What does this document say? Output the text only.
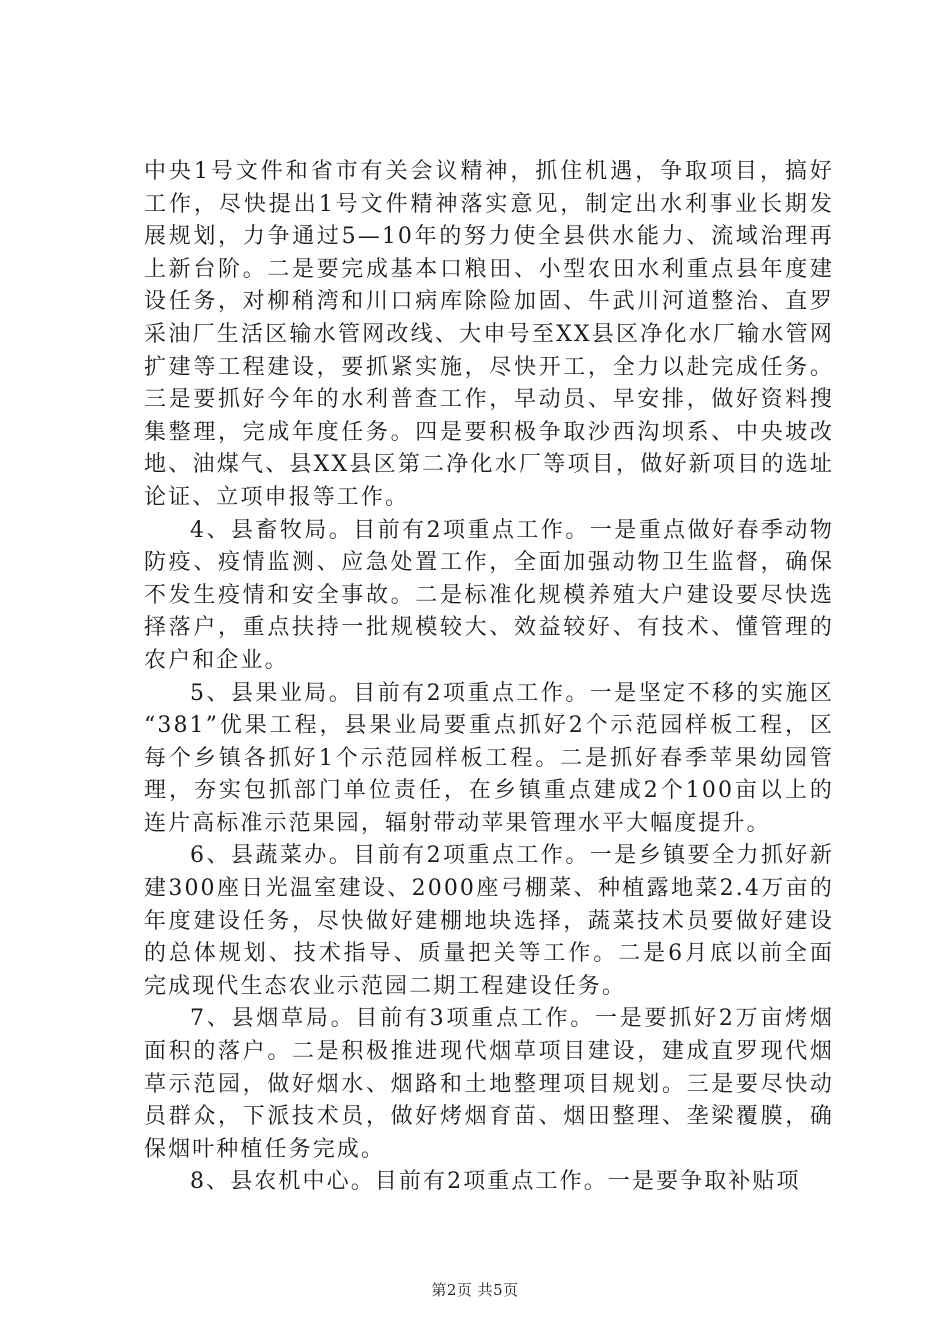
中央1号文件和省市有关会议精神，抓住机遇，争取项目，搞好工作，尽快提出1号文件精神落实意见，制定出水利事业长期发展规划，力争通过5—10年的努力使全县供水能力、流域治理再上新台阶。二是要完成基本口粮田、小型农田水利重点县年度建设任务，对柳稍湾和川口病库除险加固、牛武川河道整治、直罗采油厂生活区输水管网改线、大申号至XX县区净化水厂输水管网扩建等工程建设，要抓紧实施，尽快开工，全力以赴完成任务。三是要抓好今年的水利普查工作，早动员、早安排，做好资料搜集整理，完成年度任务。四是要积极争取沙西沟坝系、中央坡改地、油煤气、县XX县区第二净化水厂等项目，做好新项目的选址论证、立项申报等工作。

4、县畜牧局。目前有2项重点工作。一是重点做好春季动物防疫、疫情监测、应急处置工作，全面加强动物卫生监督，确保不发生疫情和安全事故。二是标准化规模养殖大户建设要尽快选择落户，重点扶持一批规模较大、效益较好、有技术、懂管理的农户和企业。

5、县果业局。目前有2项重点工作。一是坚定不移的实施区“381”优果工程，县果业局要重点抓好2个示范园样板工程，区每个乡镇各抓好1个示范园样板工程。二是抓好春季苹果幼园管理，夯实包抓部门单位责任，在乡镇重点建成2个100亩以上的连片高标准示范果园，辐射带动苹果管理水平大幅度提升。

6、县蔬菜办。目前有2项重点工作。一是乡镇要全力抓好新建300座日光温室建设、2000座弓棚菜、种植露地菜2.4万亩的年度建设任务，尽快做好建棚地块选择，蔬菜技术员要做好建设的总体规划、技术指导、质量把关等工作。二是6月底以前全面完成现代生态农业示范园二期工程建设任务。

7、县烟草局。目前有3项重点工作。一是要抓好2万亩烤烟面积的落户。二是积极推进现代烟草项目建设，建成直罗现代烟草示范园，做好烟水、烟路和土地整理项目规划。三是要尽快动员群众，下派技术员，做好烤烟育苗、烟田整理、垄梁覆膜，确保烟叶种植任务完成。

8、县农机中心。目前有2项重点工作。一是要争取补贴项

第2页 共5页
